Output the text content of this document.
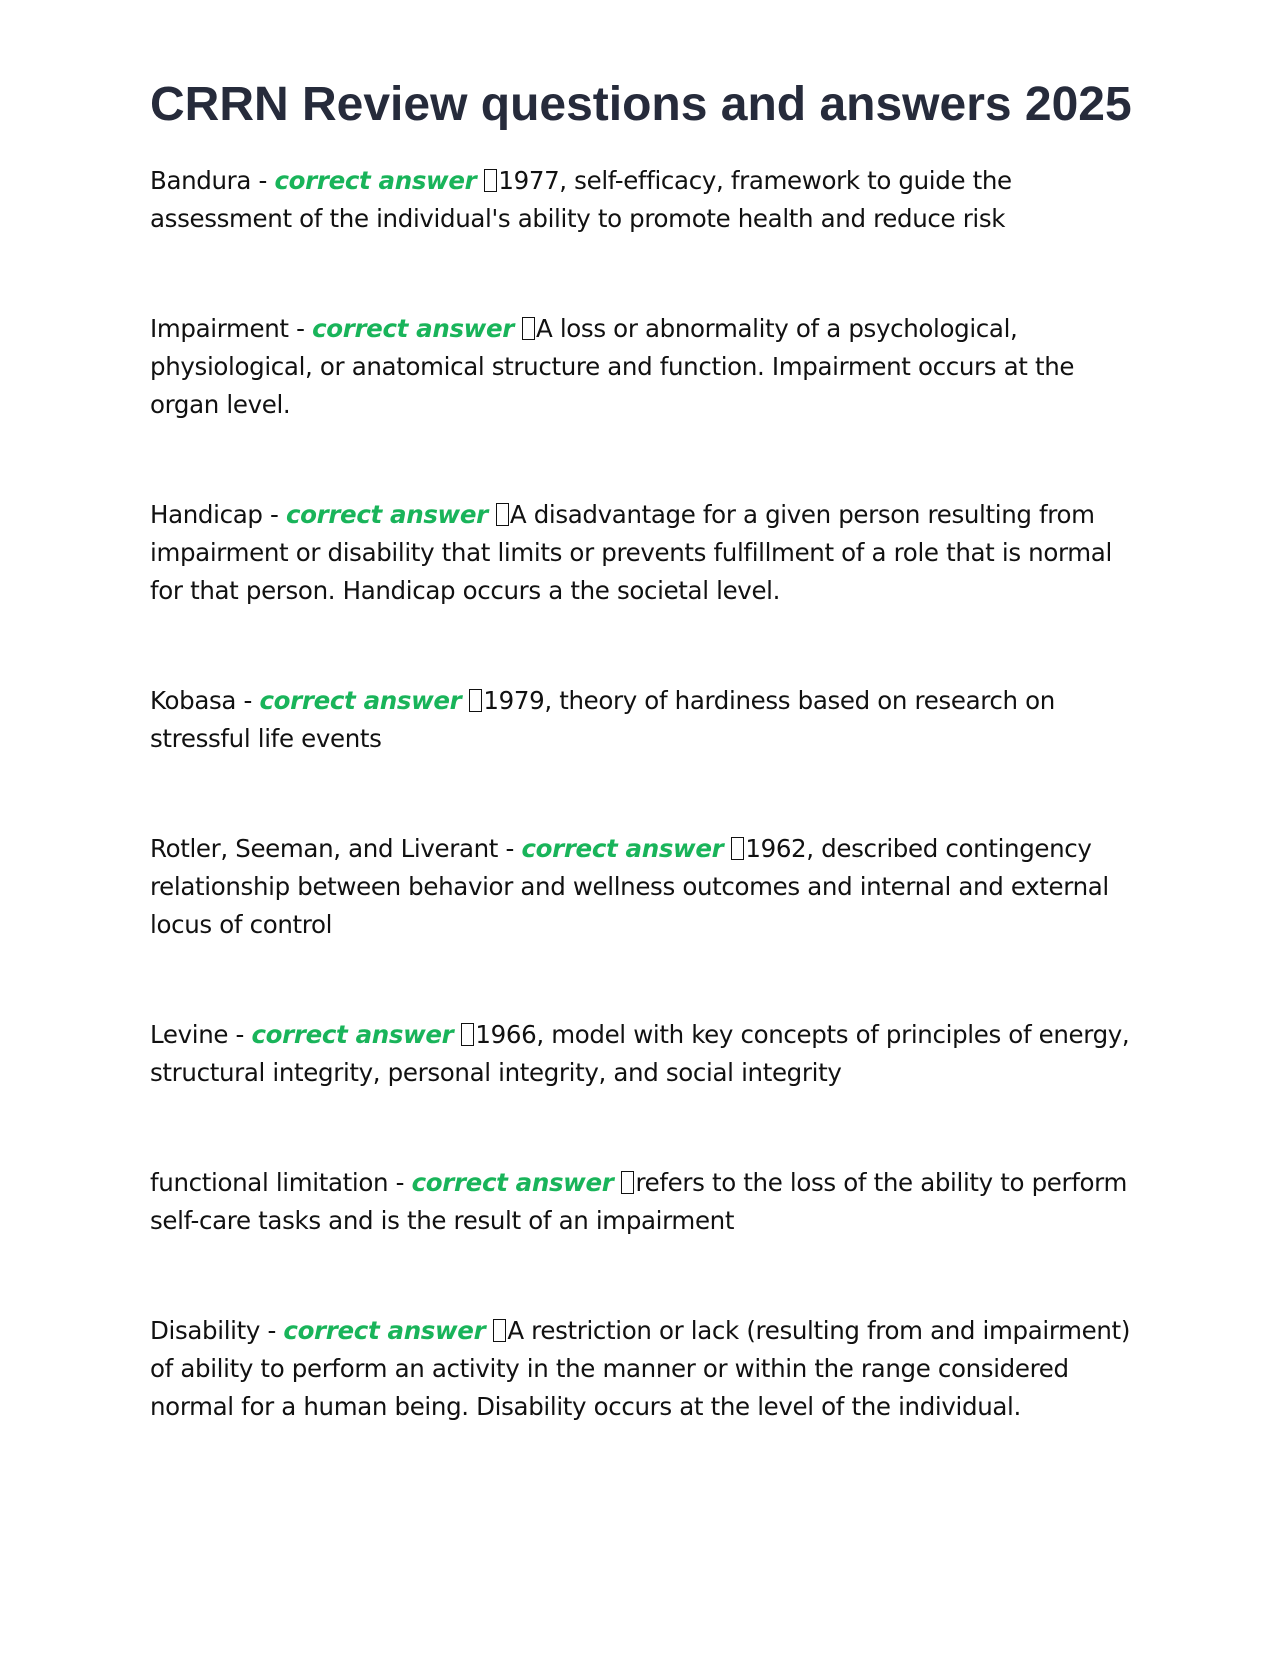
CRRN Review questions and answers 2025

Bandura - correct answer 1977, self-efficacy, framework to guide the assessment of the individual's ability to promote health and reduce risk

Impairment - correct answer A loss or abnormality of a psychological, physiological, or anatomical structure and function. Impairment occurs at the organ level.

Handicap - correct answer A disadvantage for a given person resulting from impairment or disability that limits or prevents fulfillment of a role that is normal for that person. Handicap occurs a the societal level.

Kobasa - correct answer 1979, theory of hardiness based on research on stressful life events

Rotler, Seeman, and Liverant - correct answer 1962, described contingency relationship between behavior and wellness outcomes and internal and external locus of control

Levine - correct answer 1966, model with key concepts of principles of energy, structural integrity, personal integrity, and social integrity

functional limitation - correct answer refers to the loss of the ability to perform self-care tasks and is the result of an impairment

Disability - correct answer A restriction or lack (resulting from and impairment) of ability to perform an activity in the manner or within the range considered normal for a human being. Disability occurs at the level of the individual.
